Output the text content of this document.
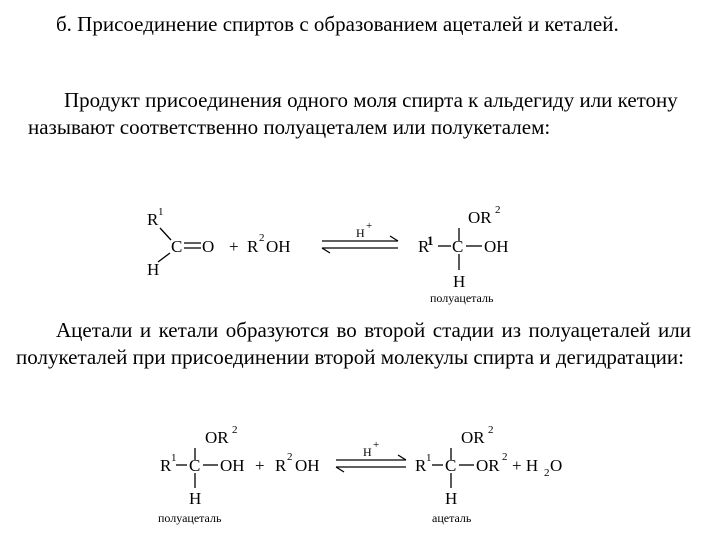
б. Присоединение спиртов с образованием ацеталей и кеталей.

Продукт присоединения одного моля спирта к альдегиду или кетону называют соответственно полуацеталем или полукеталем:

R 1
C O
H
+ R 2 OH
H +	OR 2
R
1 C OH
H
полуацеталь

Ацетали и кетали образуются во второй стадии из полуацеталей или полукеталей при присоединении второй молекулы спирта и дегидратации:

OR 2
R 1 C OH
H
полуацеталь
+ R 2 OH
H +	OR 2
R 1 C OR 2
H
+ H 2 O
ацеталь
